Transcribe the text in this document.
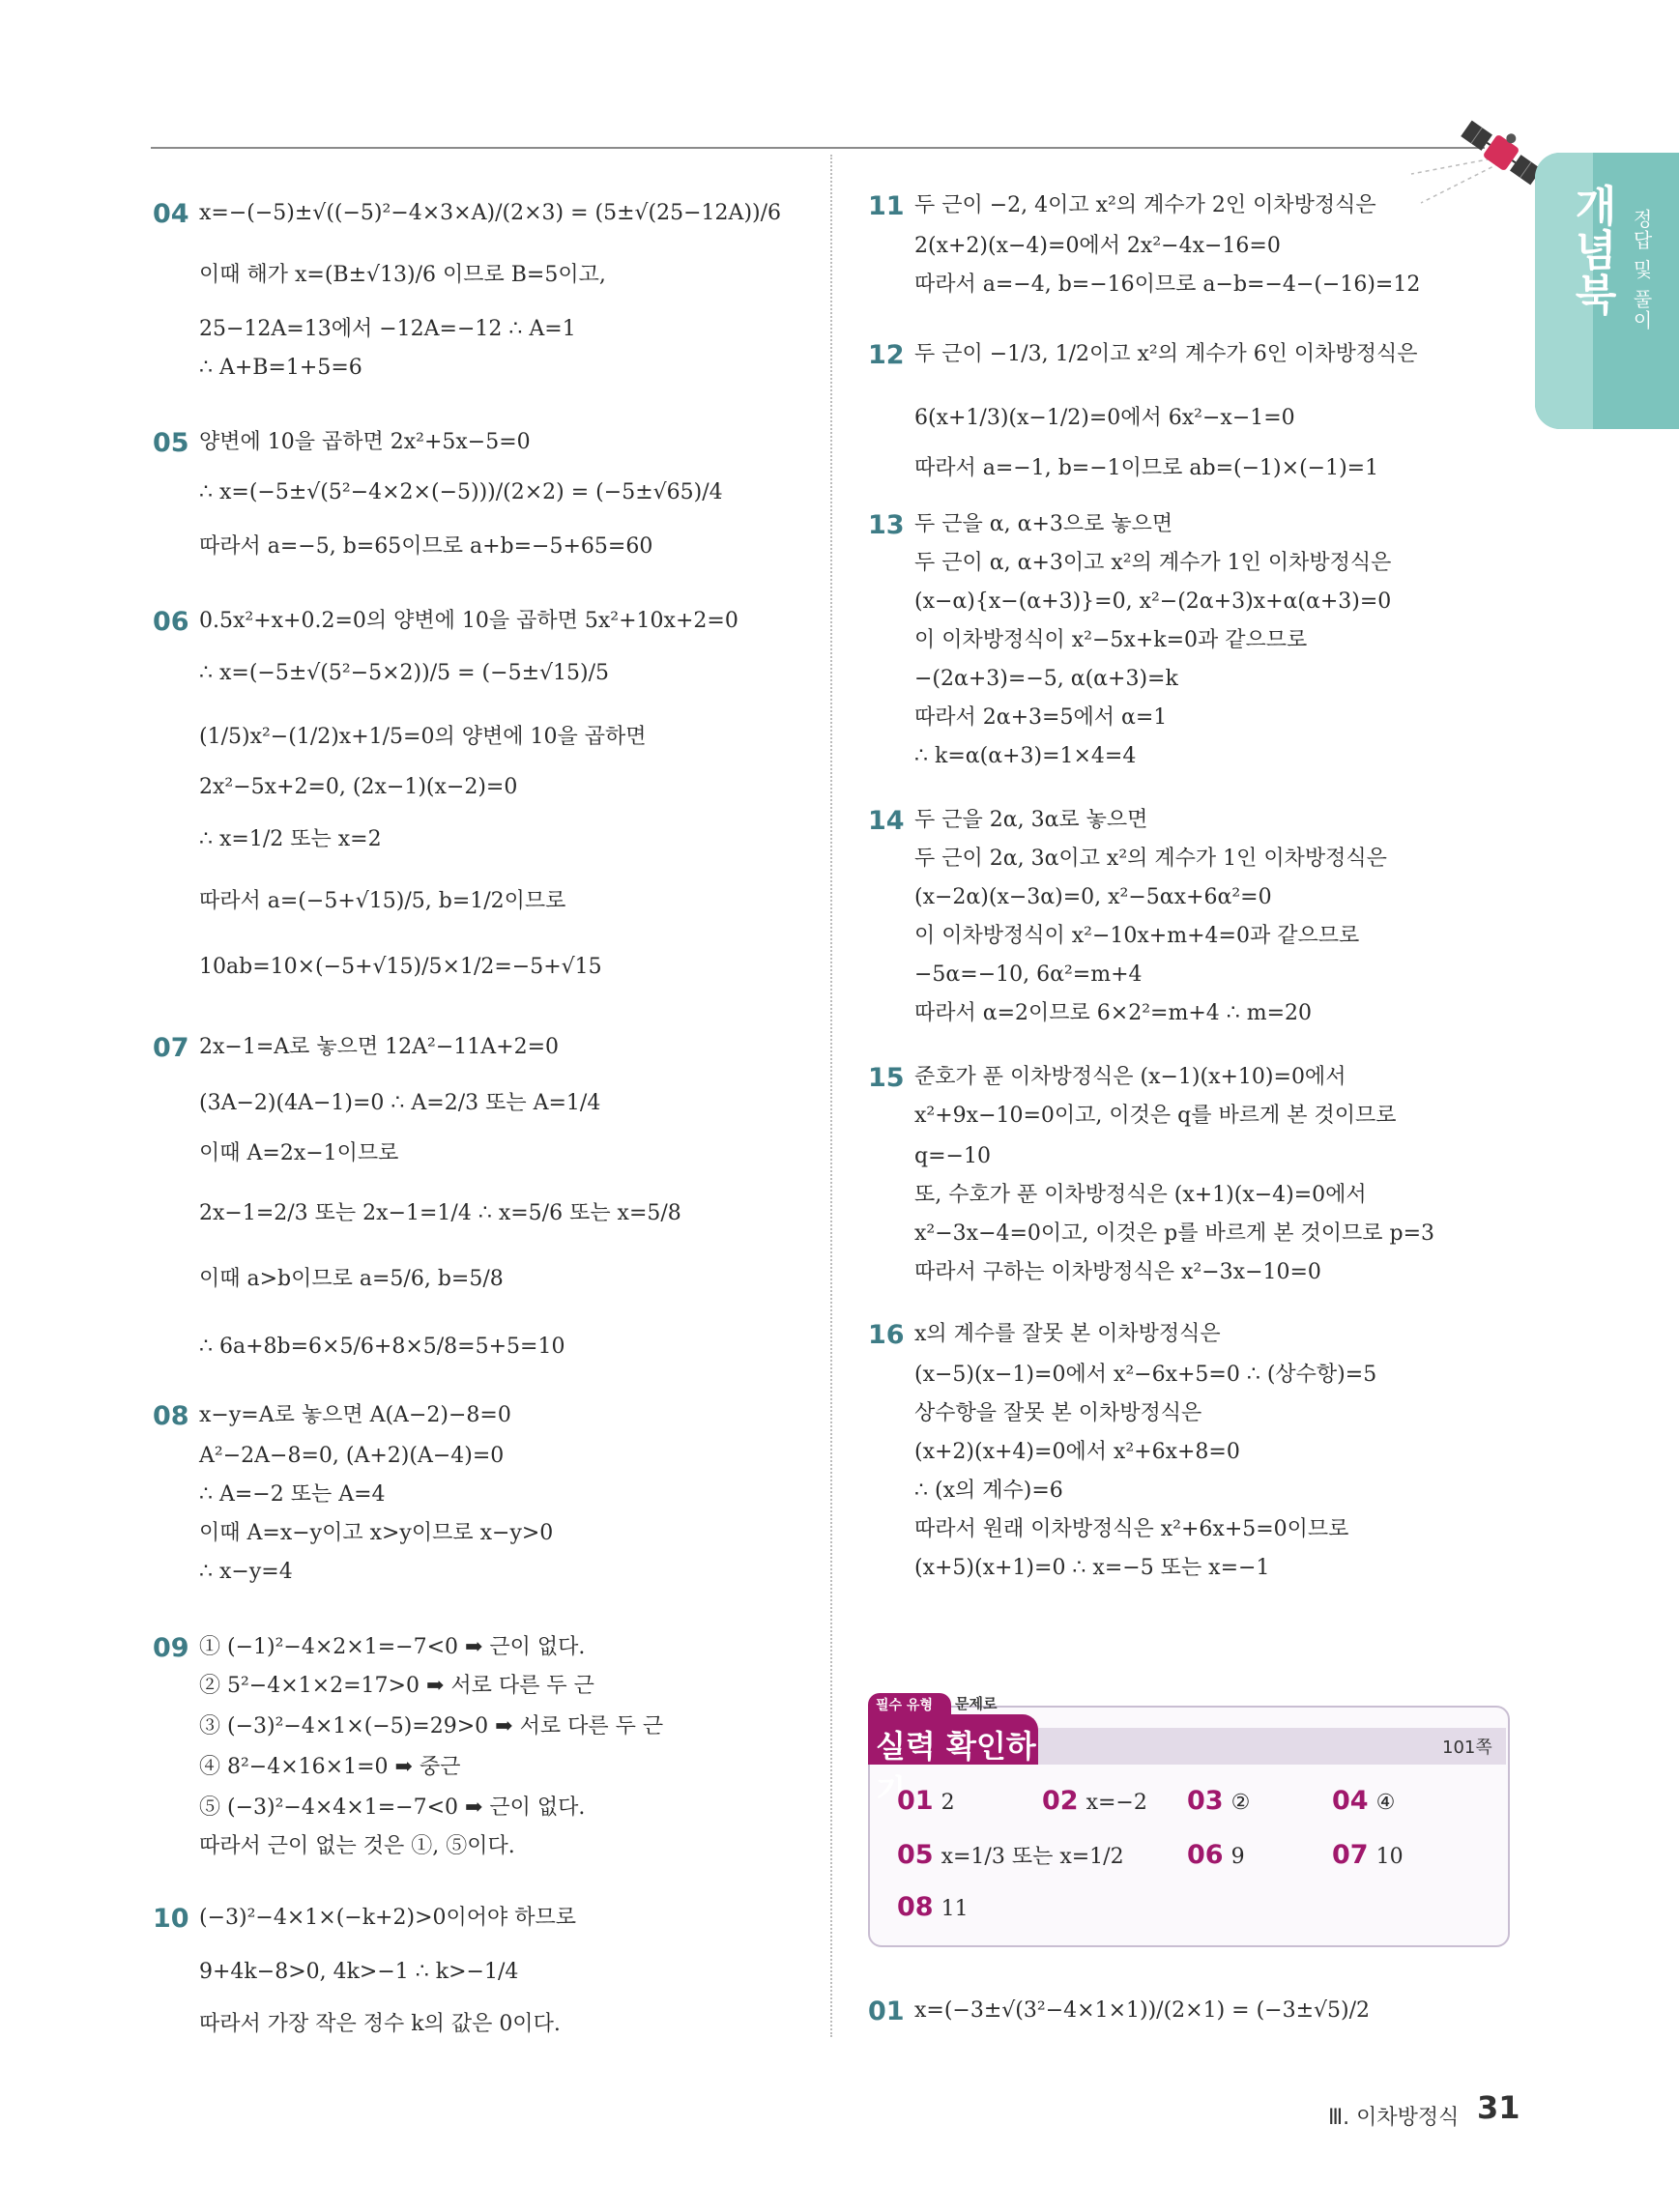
개념북 정답 및 풀이
04 x=−(−5)±√((−5)²−4×3×A)/(2×3) = (5±√(25−12A))/6
이때 해가 x=(B±√13)/6 이므로 B=5이고,
25−12A=13에서 −12A=−12 ∴ A=1
∴ A+B=1+5=6
05 양변에 10을 곱하면 2x²+5x−5=0
∴ x=(−5±√(5²−4×2×(−5)))/(2×2) = (−5±√65)/4
따라서 a=−5, b=65이므로 a+b=−5+65=60
06 0.5x²+x+0.2=0의 양변에 10을 곱하면 5x²+10x+2=0
∴ x=(−5±√(5²−5×2))/5 = (−5±√15)/5
(1/5)x²−(1/2)x+1/5=0의 양변에 10을 곱하면
2x²−5x+2=0, (2x−1)(x−2)=0
∴ x=1/2 또는 x=2
따라서 a=(−5+√15)/5, b=1/2이므로
10ab=10×(−5+√15)/5×1/2=−5+√15
07 2x−1=A로 놓으면 12A²−11A+2=0
(3A−2)(4A−1)=0 ∴ A=2/3 또는 A=1/4
이때 A=2x−1이므로
2x−1=2/3 또는 2x−1=1/4 ∴ x=5/6 또는 x=5/8
이때 a>b이므로 a=5/6, b=5/8
∴ 6a+8b=6×5/6+8×5/8=5+5=10
08 x−y=A로 놓으면 A(A−2)−8=0
A²−2A−8=0, (A+2)(A−4)=0
∴ A=−2 또는 A=4
이때 A=x−y이고 x>y이므로 x−y>0
∴ x−y=4
09 ① (−1)²−4×2×1=−7<0 ➡ 근이 없다.
② 5²−4×1×2=17>0 ➡ 서로 다른 두 근
③ (−3)²−4×1×(−5)=29>0 ➡ 서로 다른 두 근
④ 8²−4×16×1=0 ➡ 중근
⑤ (−3)²−4×4×1=−7<0 ➡ 근이 없다.
따라서 근이 없는 것은 ①, ⑤이다.
10 (−3)²−4×1×(−k+2)>0이어야 하므로
9+4k−8>0, 4k>−1 ∴ k>−1/4
따라서 가장 작은 정수 k의 값은 0이다.
11 두 근이 −2, 4이고 x²의 계수가 2인 이차방정식은
2(x+2)(x−4)=0에서 2x²−4x−16=0
따라서 a=−4, b=−16이므로 a−b=−4−(−16)=12
12 두 근이 −1/3, 1/2이고 x²의 계수가 6인 이차방정식은
6(x+1/3)(x−1/2)=0에서 6x²−x−1=0
따라서 a=−1, b=−1이므로 ab=(−1)×(−1)=1
13 두 근을 α, α+3으로 놓으면
두 근이 α, α+3이고 x²의 계수가 1인 이차방정식은
(x−α){x−(α+3)}=0, x²−(2α+3)x+α(α+3)=0
이 이차방정식이 x²−5x+k=0과 같으므로
−(2α+3)=−5, α(α+3)=k
따라서 2α+3=5에서 α=1
∴ k=α(α+3)=1×4=4
14 두 근을 2α, 3α로 놓으면
두 근이 2α, 3α이고 x²의 계수가 1인 이차방정식은
(x−2α)(x−3α)=0, x²−5αx+6α²=0
이 이차방정식이 x²−10x+m+4=0과 같으므로
−5α=−10, 6α²=m+4
따라서 α=2이므로 6×2²=m+4 ∴ m=20
15 준호가 푼 이차방정식은 (x−1)(x+10)=0에서
x²+9x−10=0이고, 이것은 q를 바르게 본 것이므로
q=−10
또, 수호가 푼 이차방정식은 (x+1)(x−4)=0에서
x²−3x−4=0이고, 이것은 p를 바르게 본 것이므로 p=3
따라서 구하는 이차방정식은 x²−3x−10=0
16 x의 계수를 잘못 본 이차방정식은
(x−5)(x−1)=0에서 x²−6x+5=0 ∴ (상수항)=5
상수항을 잘못 본 이차방정식은
(x+2)(x+4)=0에서 x²+6x+8=0
∴ (x의 계수)=6
따라서 원래 이차방정식은 x²+6x+5=0이므로
(x+5)(x+1)=0 ∴ x=−5 또는 x=−1
필수 유형 문제로
실력 확인하기
101쪽
01 2	02 x=−2 03 ②	04 ④
05 x=1/3 또는 x=1/2 06 9	07 10
08 11
01 x=(−3±√(3²−4×1×1))/(2×1) = (−3±√5)/2
Ⅲ. 이차방정식 31
